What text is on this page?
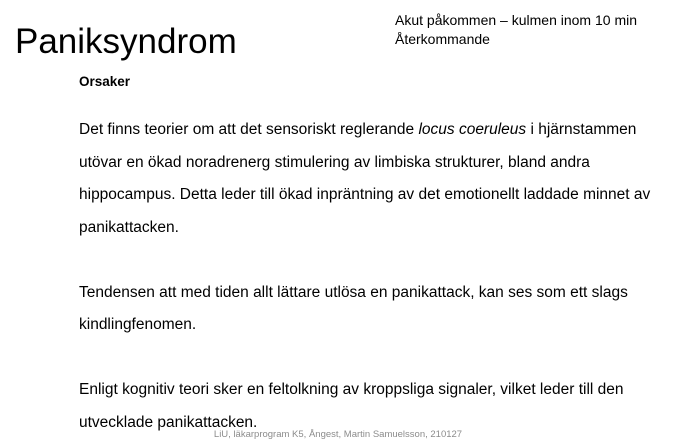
Paniksyndrom
Akut påkommen – kulmen inom 10 min
Återkommande
Orsaker

Det finns teorier om att det sensoriskt reglerande locus coeruleus i hjärnstammen utövar en ökad noradrenerg stimulering av limbiska strukturer, bland andra hippocampus. Detta leder till ökad inpräntning av det emotionellt laddade minnet av panikattacken.

Tendensen att med tiden allt lättare utlösa en panikattack, kan ses som ett slags kindlingfenomen.

Enligt kognitiv teori sker en feltolkning av kroppsliga signaler, vilket leder till den utvecklade panikattacken.

LiU, läkarprogram K5, Ångest, Martin Samuelsson, 210127
